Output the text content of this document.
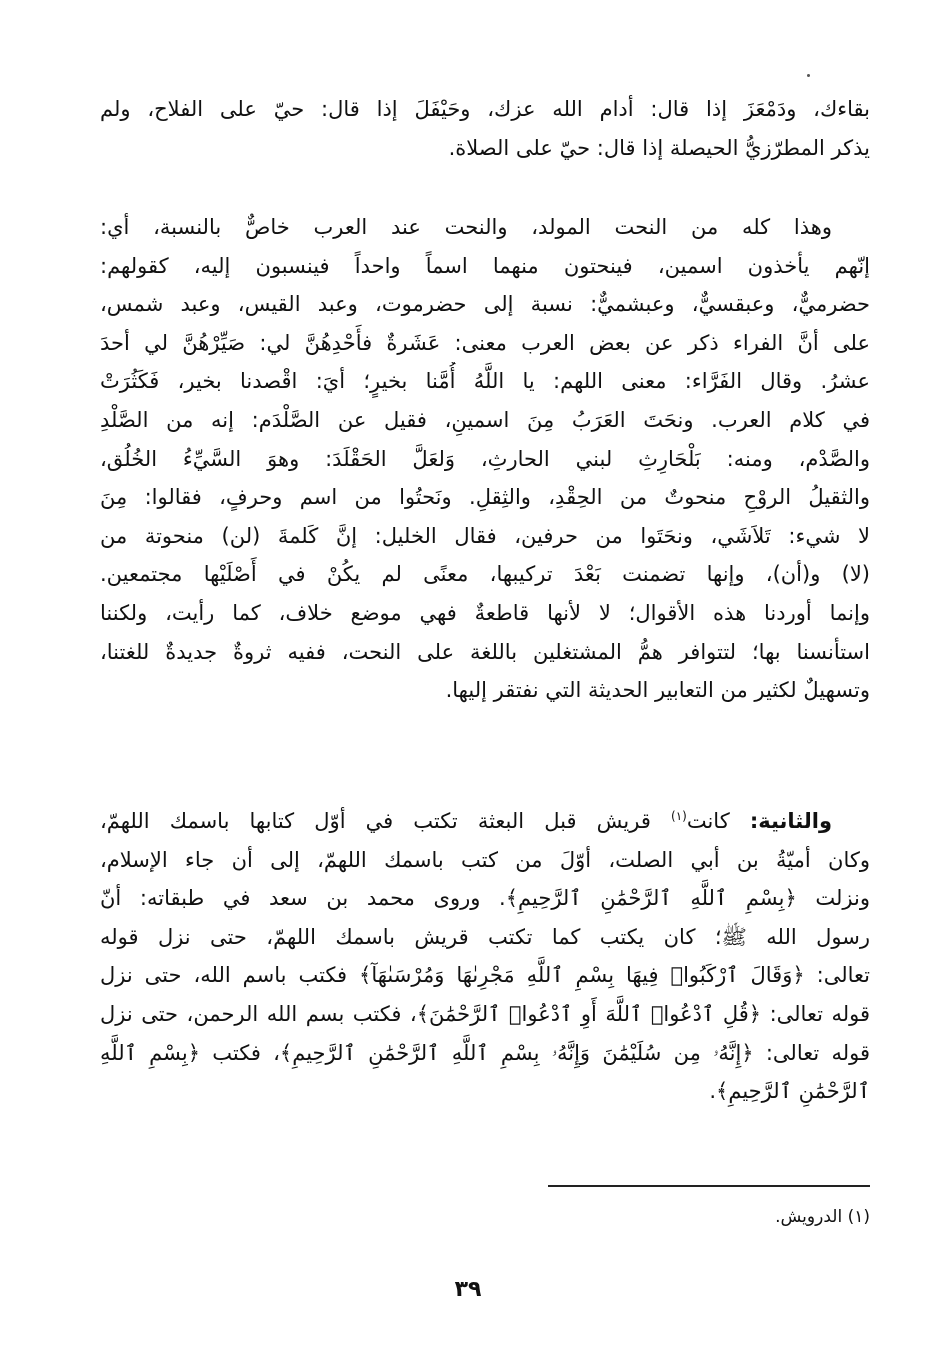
بقاءك، ودَمْعَزَ إذا قال: أدام الله عزك، وحَيْفَلَ إذا قال: حيّ على الفلاح، ولم
يذكر المطرّزيُّ الحيصلة إذا قال: حيّ على الصلاة.
وهذا كله من النحت المولد، والنحت عند العرب خاصٌّ بالنسبة، أي:
إنّهم يأخذون اسمين، فينحتون منهما اسماً واحداً فينسبون إليه، كقولهم:
حضرميٌّ، وعبقسيٌّ، وعبشميٌّ: نسبة إلى حضرموت، وعبد القيس، وعبد شمس،
على أنَّ الفراء ذكر عن بعض العرب معنى: عَشَرةٌ فأَحْدِهُنَّ لي: صَيِّرْهُنَّ لي أحدَ
عشرُ. وقال الفَرَّاء: معنى اللهم: يا اللَّهُ أُمَّنا بخيرٍ؛ أيَ: اقْصدنا بخير، فَكَثُرَتْ
في كلام العرب. ونحَتَ العَرَبُ مِنَ اسمينِ، فقيل عن الصَّلْدَم: إنه من الصَّلْدِ
والصَّدْم، ومنه: بَلْحَارِثِ لبني الحارثِ، وَلعَلَّ الحَقْلَدَ: وهوَ السَّيِّءُ الخُلُق،
والثقيلُ الروْحِ منحوتٌ من الحِقْدِ، والثِقلِ. ونَحتُوا من اسم وحرفٍ، فقالوا: مِنَ
لا شيء: تَلاَشَي، ونحَتَوا من حرفين، فقال الخليل: إنَّ كَلمةَ (لن) منحوتة من
(لا) و(أن)، وإنها تضمنت بَعْدَ تركيبها، معنًى لم يكُنْ في أَصْلَيْها مجتمعين.
وإنما أوردنا هذه الأقوال؛ لا لأنها قاطعةٌ فهي موضع خلاف، كما رأيت، ولكننا
استأنسنا بها؛ لتتوافر همُّ المشتغلين باللغة على النحت، ففيه ثروةٌ جديدةٌ للغتنا،
وتسهيلٌ لكثير من التعابير الحديثة التي نفتقر إليها.
والثانية: كانت$^{(١)}$ قريش قبل البعثة تكتب في أوّل كتابها باسمك اللهمّ،
وكان أميّةُ بن أبي الصلت، أوّلَ من كتب باسمك اللهمّ، إلى أن جاء الإسلام،
ونزلت ﴿بِسْمِ ٱللَّهِ ٱلرَّحْمَٰنِ ٱلرَّحِيمِ﴾. وروى محمد بن سعد في طبقاته: أنّ
رسول الله ﷺ؛ كان يكتب كما تكتب قريش باسمك اللهمّ، حتى نزل قوله
تعالى: ﴿وَقَالَ ٱرْكَبُوا۟ فِيهَا بِسْمِ ٱللَّهِ مَجْرِىٰهَا وَمُرْسَىٰهَآ﴾ فكتب باسم الله، حتى نزل
قوله تعالى: ﴿قُلِ ٱدْعُوا۟ ٱللَّهَ أَوِ ٱدْعُوا۟ ٱلرَّحْمَٰنَ﴾، فكتب بسم الله الرحمن، حتى نزل
قوله تعالى: ﴿إِنَّهُۥ مِن سُلَيْمَٰنَ وَإِنَّهُۥ بِسْمِ ٱللَّهِ ٱلرَّحْمَٰنِ ٱلرَّحِيمِ﴾، فكتب ﴿بِسْمِ ٱللَّهِ
ٱلرَّحْمَٰنِ ٱلرَّحِيمِ﴾.
(١) الدرويش.
٣٩
